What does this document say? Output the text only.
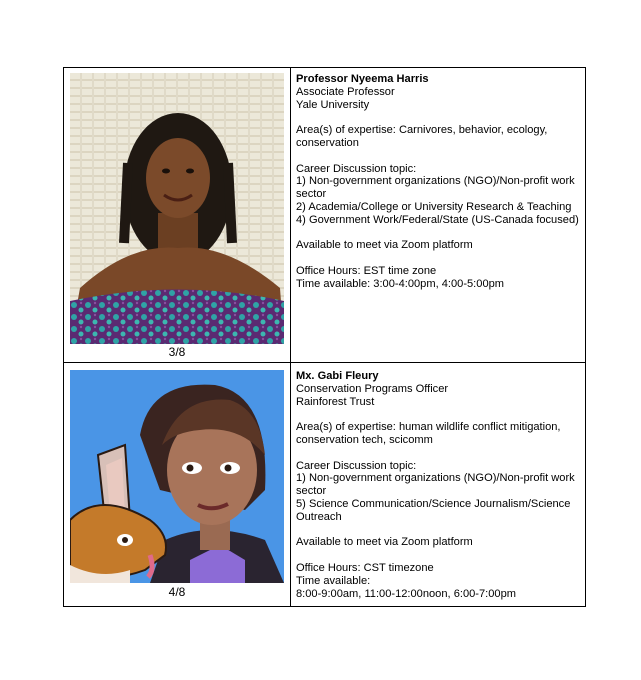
3/8
Professor Nyeema Harris
Associate Professor
Yale University
Area(s) of expertise: Carnivores, behavior, ecology, conservation
Career Discussion topic:
1) Non-government organizations (NGO)/Non-profit work sector
2) Academia/College or University Research & Teaching
4) Government Work/Federal/State (US-Canada focused)
Available to meet via Zoom platform
Office Hours: EST time zone
Time available: 3:00-4:00pm, 4:00-5:00pm
4/8
Mx. Gabi Fleury
Conservation Programs Officer
Rainforest Trust
Area(s) of expertise: human wildlife conflict mitigation, conservation tech, scicomm
Career Discussion topic:
1) Non-government organizations (NGO)/Non-profit work sector
5) Science Communication/Science Journalism/Science Outreach
Available to meet via Zoom platform
Office Hours: CST timezone
Time available:
8:00-9:00am, 11:00-12:00noon, 6:00-7:00pm
